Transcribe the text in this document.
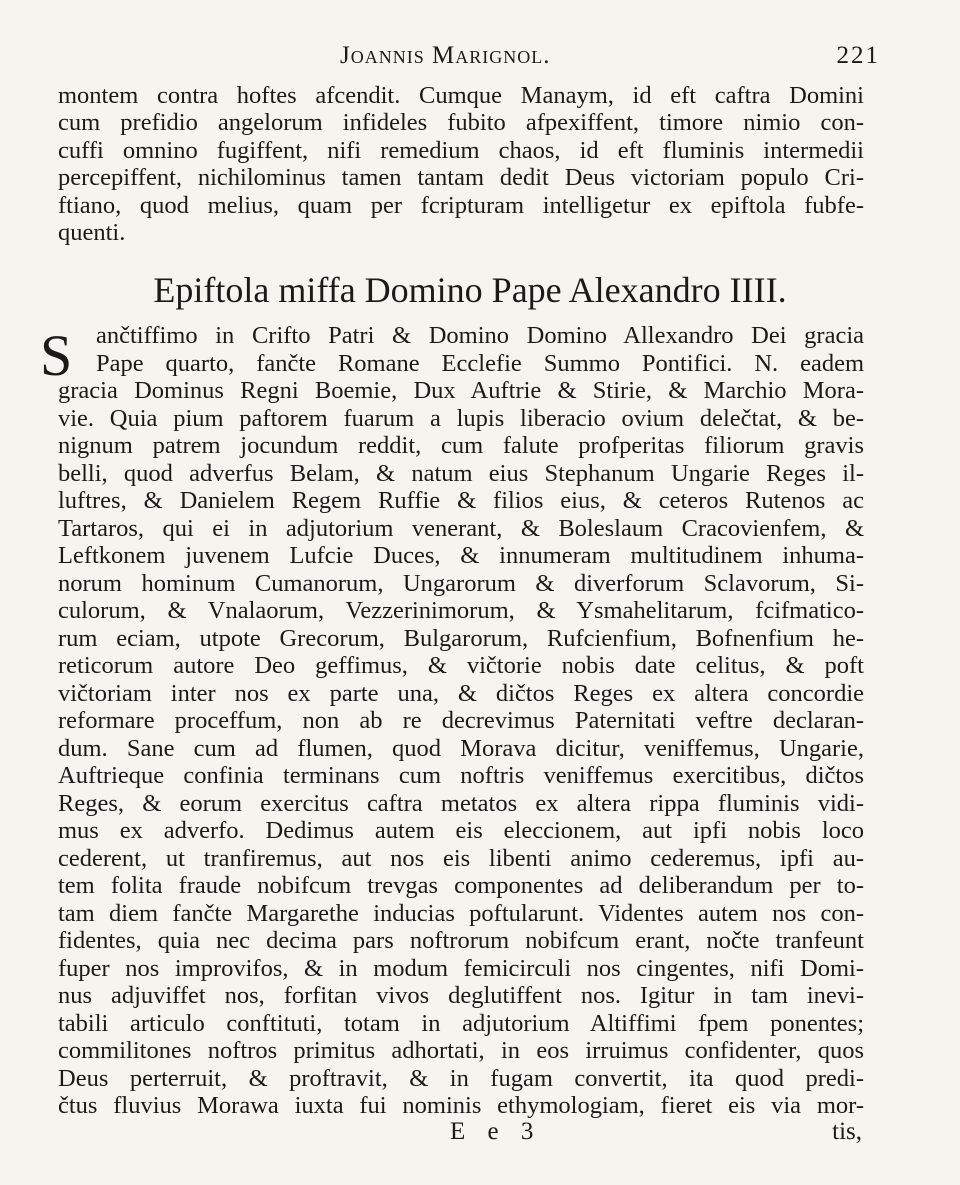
Joannis Marignol.	221
montem contra hoftes afcendit. Cumque Manaym, id eft caftra Domini
cum prefidio angelorum infideles fubito afpexiffent, timore nimio con-
cuffi omnino fugiffent, nifi remedium chaos, id eft fluminis intermedii
percepiffent, nichilominus tamen tantam dedit Deus victoriam populo Cri-
ftiano, quod melius, quam per fcripturam intelligetur ex epiftola fubfe-
quenti.
Epiftola miffa Domino Pape Alexandro IIII.
S ančtiffimo in Crifto Patri & Domino Domino Allexandro Dei gracia
Pape quarto, fančte Romane Ecclefie Summo Pontifici. N. eadem
gracia Dominus Regni Boemie, Dux Auftrie & Stirie, & Marchio Mora-
vie. Quia pium paftorem fuarum a lupis liberacio ovium delečtat, & be-
nignum patrem jocundum reddit, cum falute profperitas filiorum gravis
belli, quod adverfus Belam, & natum eius Stephanum Ungarie Reges il-
luftres, & Danielem Regem Ruffie & filios eius, & ceteros Rutenos ac
Tartaros, qui ei in adjutorium venerant, & Boleslaum Cracovienfem, &
Leftkonem juvenem Lufcie Duces, & innumeram multitudinem inhuma-
norum hominum Cumanorum, Ungarorum & diverforum Sclavorum, Si-
culorum, & Vnalaorum, Vezzerinimorum, & Ysmahelitarum, fcifmatico-
rum eciam, utpote Grecorum, Bulgarorum, Rufcienfium, Bofnenfium he-
reticorum autore Deo geffimus, & vičtorie nobis date celitus, & poft
vičtoriam inter nos ex parte una, & dičtos Reges ex altera concordie
reformare proceffum, non ab re decrevimus Paternitati veftre declaran-
dum. Sane cum ad flumen, quod Morava dicitur, veniffemus, Ungarie,
Auftrieque confinia terminans cum noftris veniffemus exercitibus, dičtos
Reges, & eorum exercitus caftra metatos ex altera rippa fluminis vidi-
mus ex adverfo. Dedimus autem eis eleccionem, aut ipfi nobis loco
cederent, ut tranfiremus, aut nos eis libenti animo cederemus, ipfi au-
tem folita fraude nobifcum trevgas componentes ad deliberandum per to-
tam diem fančte Margarethe inducias poftularunt. Videntes autem nos con-
fidentes, quia nec decima pars noftrorum nobifcum erant, nočte tranfeunt
fuper nos improvifos, & in modum femicirculi nos cingentes, nifi Domi-
nus adjuviffet nos, forfitan vivos deglutiffent nos. Igitur in tam inevi-
tabili articulo conftituti, totam in adjutorium Altiffimi fpem ponentes;
commilitones noftros primitus adhortati, in eos irruimus confidenter, quos
Deus perterruit, & proftravit, & in fugam convertit, ita quod predi-
čtus fluvius Morawa iuxta fui nominis ethymologiam, fieret eis via mor-
E e 3	tis,
